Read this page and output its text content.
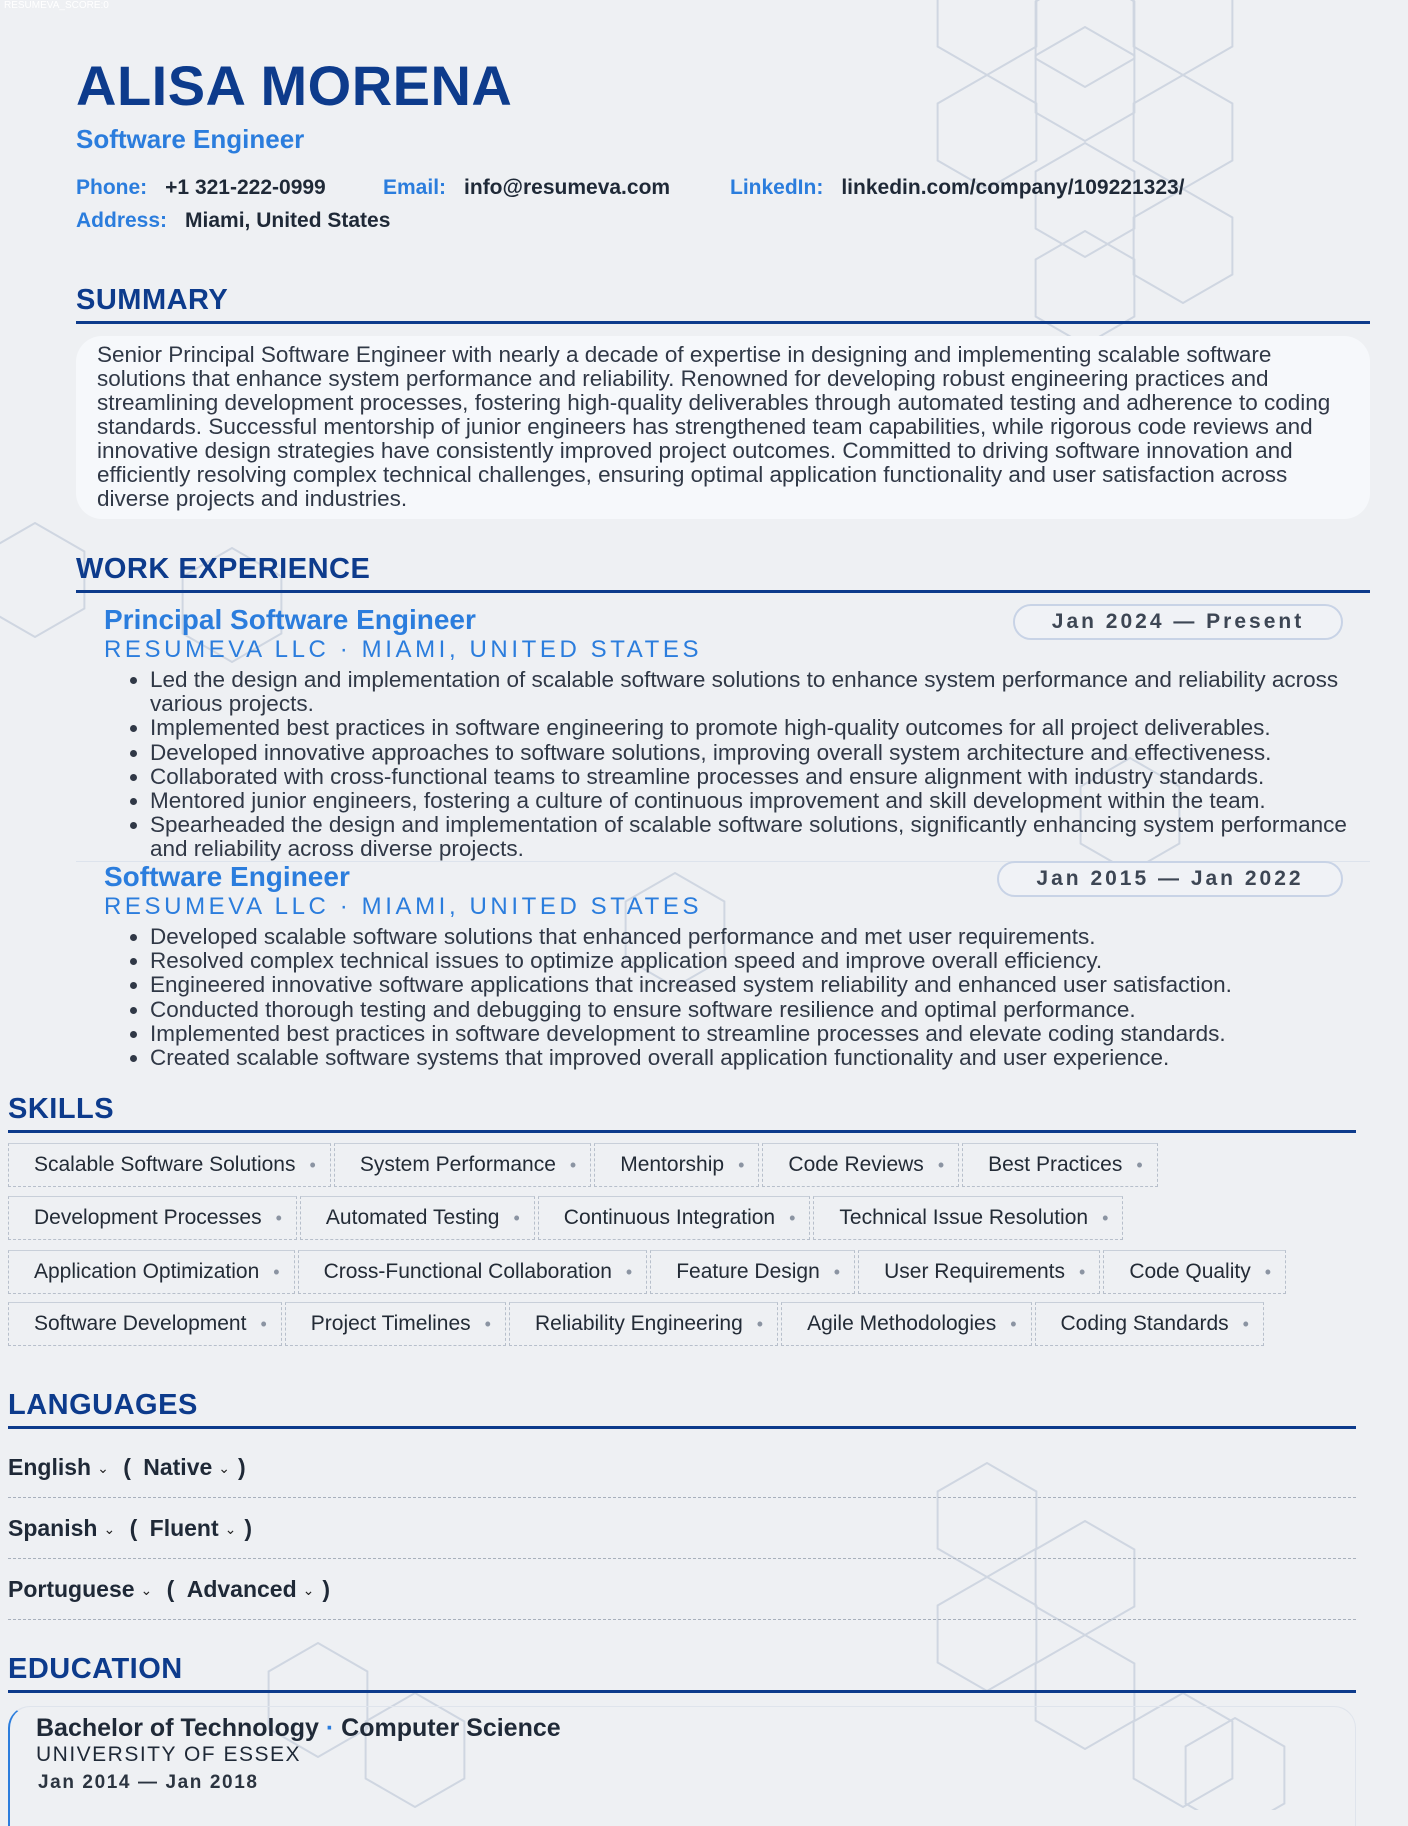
RESUMEVA_SCORE:0
ALISA MORENA
Software Engineer
Phone: +1 321-222-0999	Email: info@resumeva.com	LinkedIn: linkedin.com/company/109221323/
Address: Miami, United States
SUMMARY
Senior Principal Software Engineer with nearly a decade of expertise in designing and implementing scalable software solutions that enhance system performance and reliability. Renowned for developing robust engineering practices and streamlining development processes, fostering high-quality deliverables through automated testing and adherence to coding standards. Successful mentorship of junior engineers has strengthened team capabilities, while rigorous code reviews and innovative design strategies have consistently improved project outcomes. Committed to driving software innovation and efficiently resolving complex technical challenges, ensuring optimal application functionality and user satisfaction across diverse projects and industries.
WORK EXPERIENCE
Principal Software Engineer
RESUMEVA LLC · MIAMI, UNITED STATES
Jan 2024 — Present
• Led the design and implementation of scalable software solutions to enhance system performance and reliability across various projects.
• Implemented best practices in software engineering to promote high-quality outcomes for all project deliverables.
• Developed innovative approaches to software solutions, improving overall system architecture and effectiveness.
• Collaborated with cross-functional teams to streamline processes and ensure alignment with industry standards.
• Mentored junior engineers, fostering a culture of continuous improvement and skill development within the team.
• Spearheaded the design and implementation of scalable software solutions, significantly enhancing system performance and reliability across diverse projects.
Software Engineer
RESUMEVA LLC · MIAMI, UNITED STATES
Jan 2015 — Jan 2022
• Developed scalable software solutions that enhanced performance and met user requirements.
• Resolved complex technical issues to optimize application speed and improve overall efficiency.
• Engineered innovative software applications that increased system reliability and enhanced user satisfaction.
• Conducted thorough testing and debugging to ensure software resilience and optimal performance.
• Implemented best practices in software development to streamline processes and elevate coding standards.
• Created scalable software systems that improved overall application functionality and user experience.
SKILLS
Scalable Software Solutions •	System Performance •	Mentorship •	Code Reviews •	Best Practices •
Development Processes •	Automated Testing •	Continuous Integration •	Technical Issue Resolution •
Application Optimization •	Cross-Functional Collaboration •	Feature Design •	User Requirements •	Code Quality •
Software Development •	Project Timelines •	Reliability Engineering •	Agile Methodologies •	Coding Standards •
LANGUAGES
English ⌄ ( Native ⌄ )
Spanish ⌄ ( Fluent ⌄ )
Portuguese ⌄ ( Advanced ⌄ )
EDUCATION
Bachelor of Technology · Computer Science
UNIVERSITY OF ESSEX
Jan 2014 — Jan 2018
